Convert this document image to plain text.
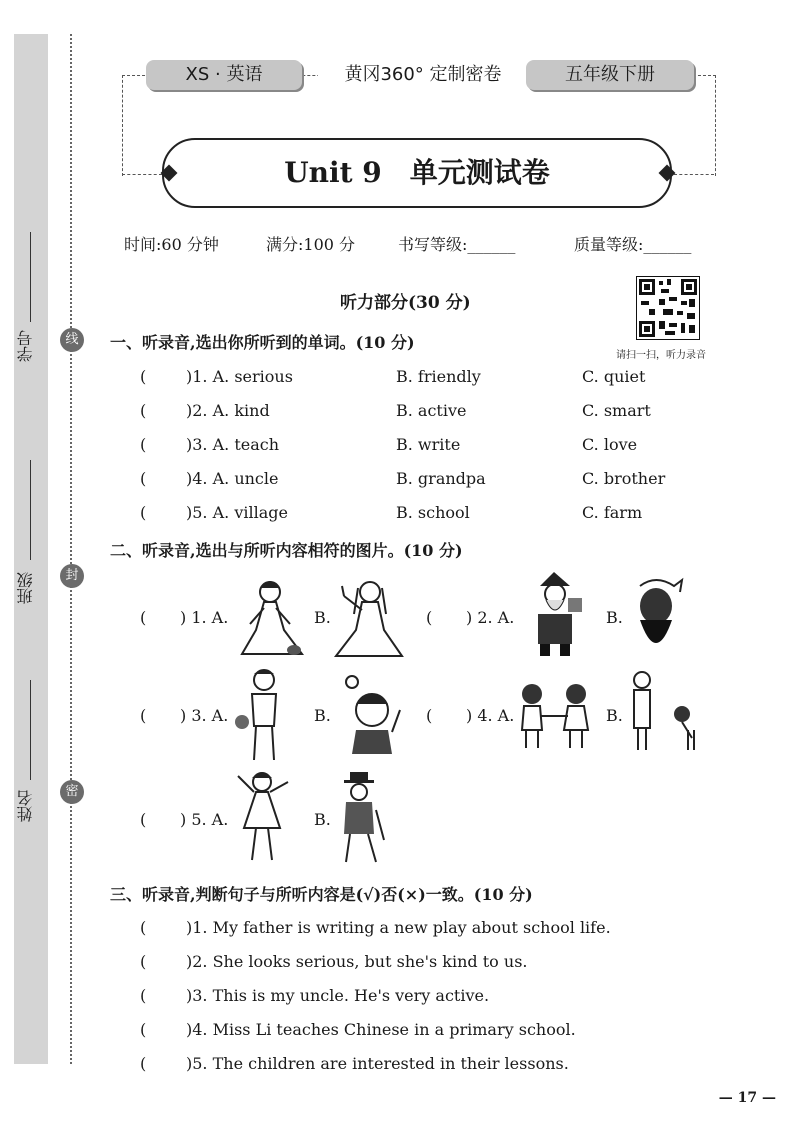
学号
班级
姓名
线
封
密
XS · 英语	黄冈360° 定制密卷	五年级下册
Unit 9　单元测试卷
时间:60 分钟	满分:100 分	书写等级:______	质量等级:______
听力部分(30 分)
请扫一扫，听力录音
一、听录音,选出你所听到的单词。(10 分)
( )1. A. serious	B. friendly	C. quiet
( )2. A. kind	B. active	C. smart
( )3. A. teach	B. write	C. love
( )4. A. uncle	B. grandpa	C. brother
( )5. A. village	B. school	C. farm
二、听录音,选出与所听内容相符的图片。(10 分)
( ) 1. A.	B.	( ) 2. A.	B.
( ) 3. A.	B.	( ) 4. A.	B.
( ) 5. A.	B.
三、听录音,判断句子与所听内容是(√)否(×)一致。(10 分)
( )1. My father is writing a new play about school life.
( )2. She looks serious, but she's kind to us.
( )3. This is my uncle. He's very active.
( )4. Miss Li teaches Chinese in a primary school.
( )5. The children are interested in their lessons.
— 17 —
